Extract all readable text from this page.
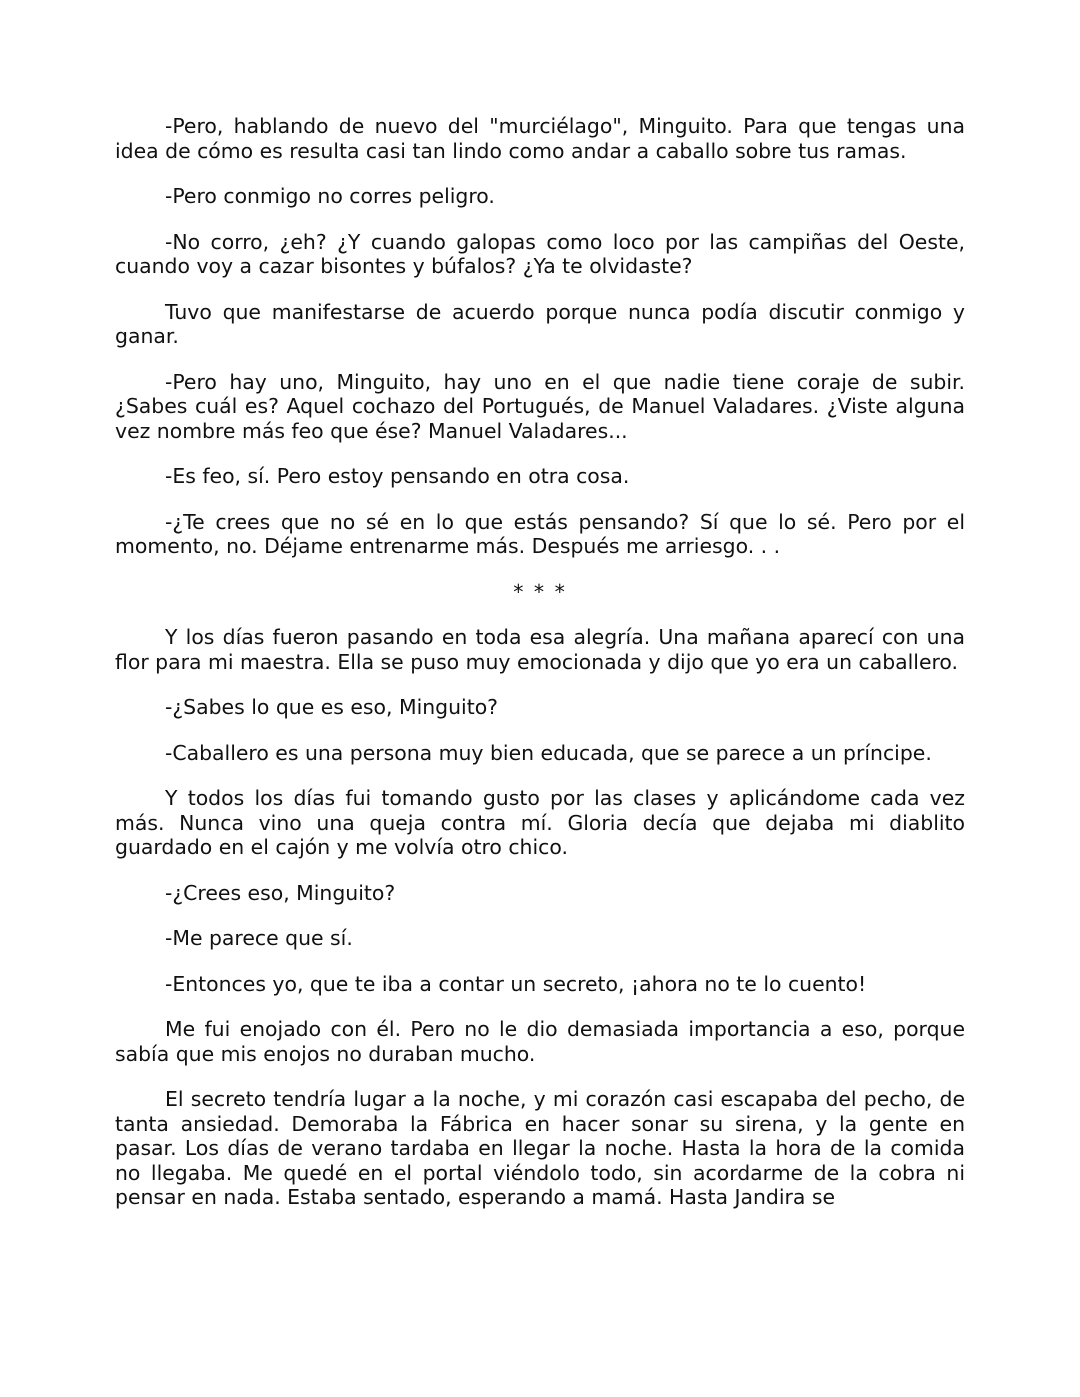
-Pero, hablando de nuevo del "murciélago", Minguito. Para que tengas una idea de cómo es resulta casi tan lindo como andar a caballo sobre tus ramas.

-Pero conmigo no corres peligro.

-No corro, ¿eh? ¿Y cuando galopas como loco por las campiñas del Oeste, cuando voy a cazar bisontes y búfalos? ¿Ya te olvidaste?

Tuvo que manifestarse de acuerdo porque nunca podía discutir conmigo y ganar.

-Pero hay uno, Minguito, hay uno en el que nadie tiene coraje de subir. ¿Sabes cuál es? Aquel cochazo del Portugués, de Manuel Valadares. ¿Viste alguna vez nombre más feo que ése? Manuel Valadares...

-Es feo, sí. Pero estoy pensando en otra cosa.

-¿Te crees que no sé en lo que estás pensando? Sí que lo sé. Pero por el momento, no. Déjame entrenarme más. Después me arriesgo. . .

* * *

Y los días fueron pasando en toda esa alegría. Una mañana aparecí con una flor para mi maestra. Ella se puso muy emocionada y dijo que yo era un caballero.

-¿Sabes lo que es eso, Minguito?

-Caballero es una persona muy bien educada, que se parece a un príncipe.

Y todos los días fui tomando gusto por las clases y aplicándome cada vez más. Nunca vino una queja contra mí. Gloria decía que dejaba mi diablito guardado en el cajón y me volvía otro chico.

-¿Crees eso, Minguito?

-Me parece que sí.

-Entonces yo, que te iba a contar un secreto, ¡ahora no te lo cuento!

Me fui enojado con él. Pero no le dio demasiada importancia a eso, porque sabía que mis enojos no duraban mucho.

El secreto tendría lugar a la noche, y mi corazón casi escapaba del pecho, de tanta ansiedad. Demoraba la Fábrica en hacer sonar su sirena, y la gente en pasar. Los días de verano tardaba en llegar la noche. Hasta la hora de la comida no llegaba. Me quedé en el portal viéndolo todo, sin acordarme de la cobra ni pensar en nada. Estaba sentado, esperando a mamá. Hasta Jandira se
